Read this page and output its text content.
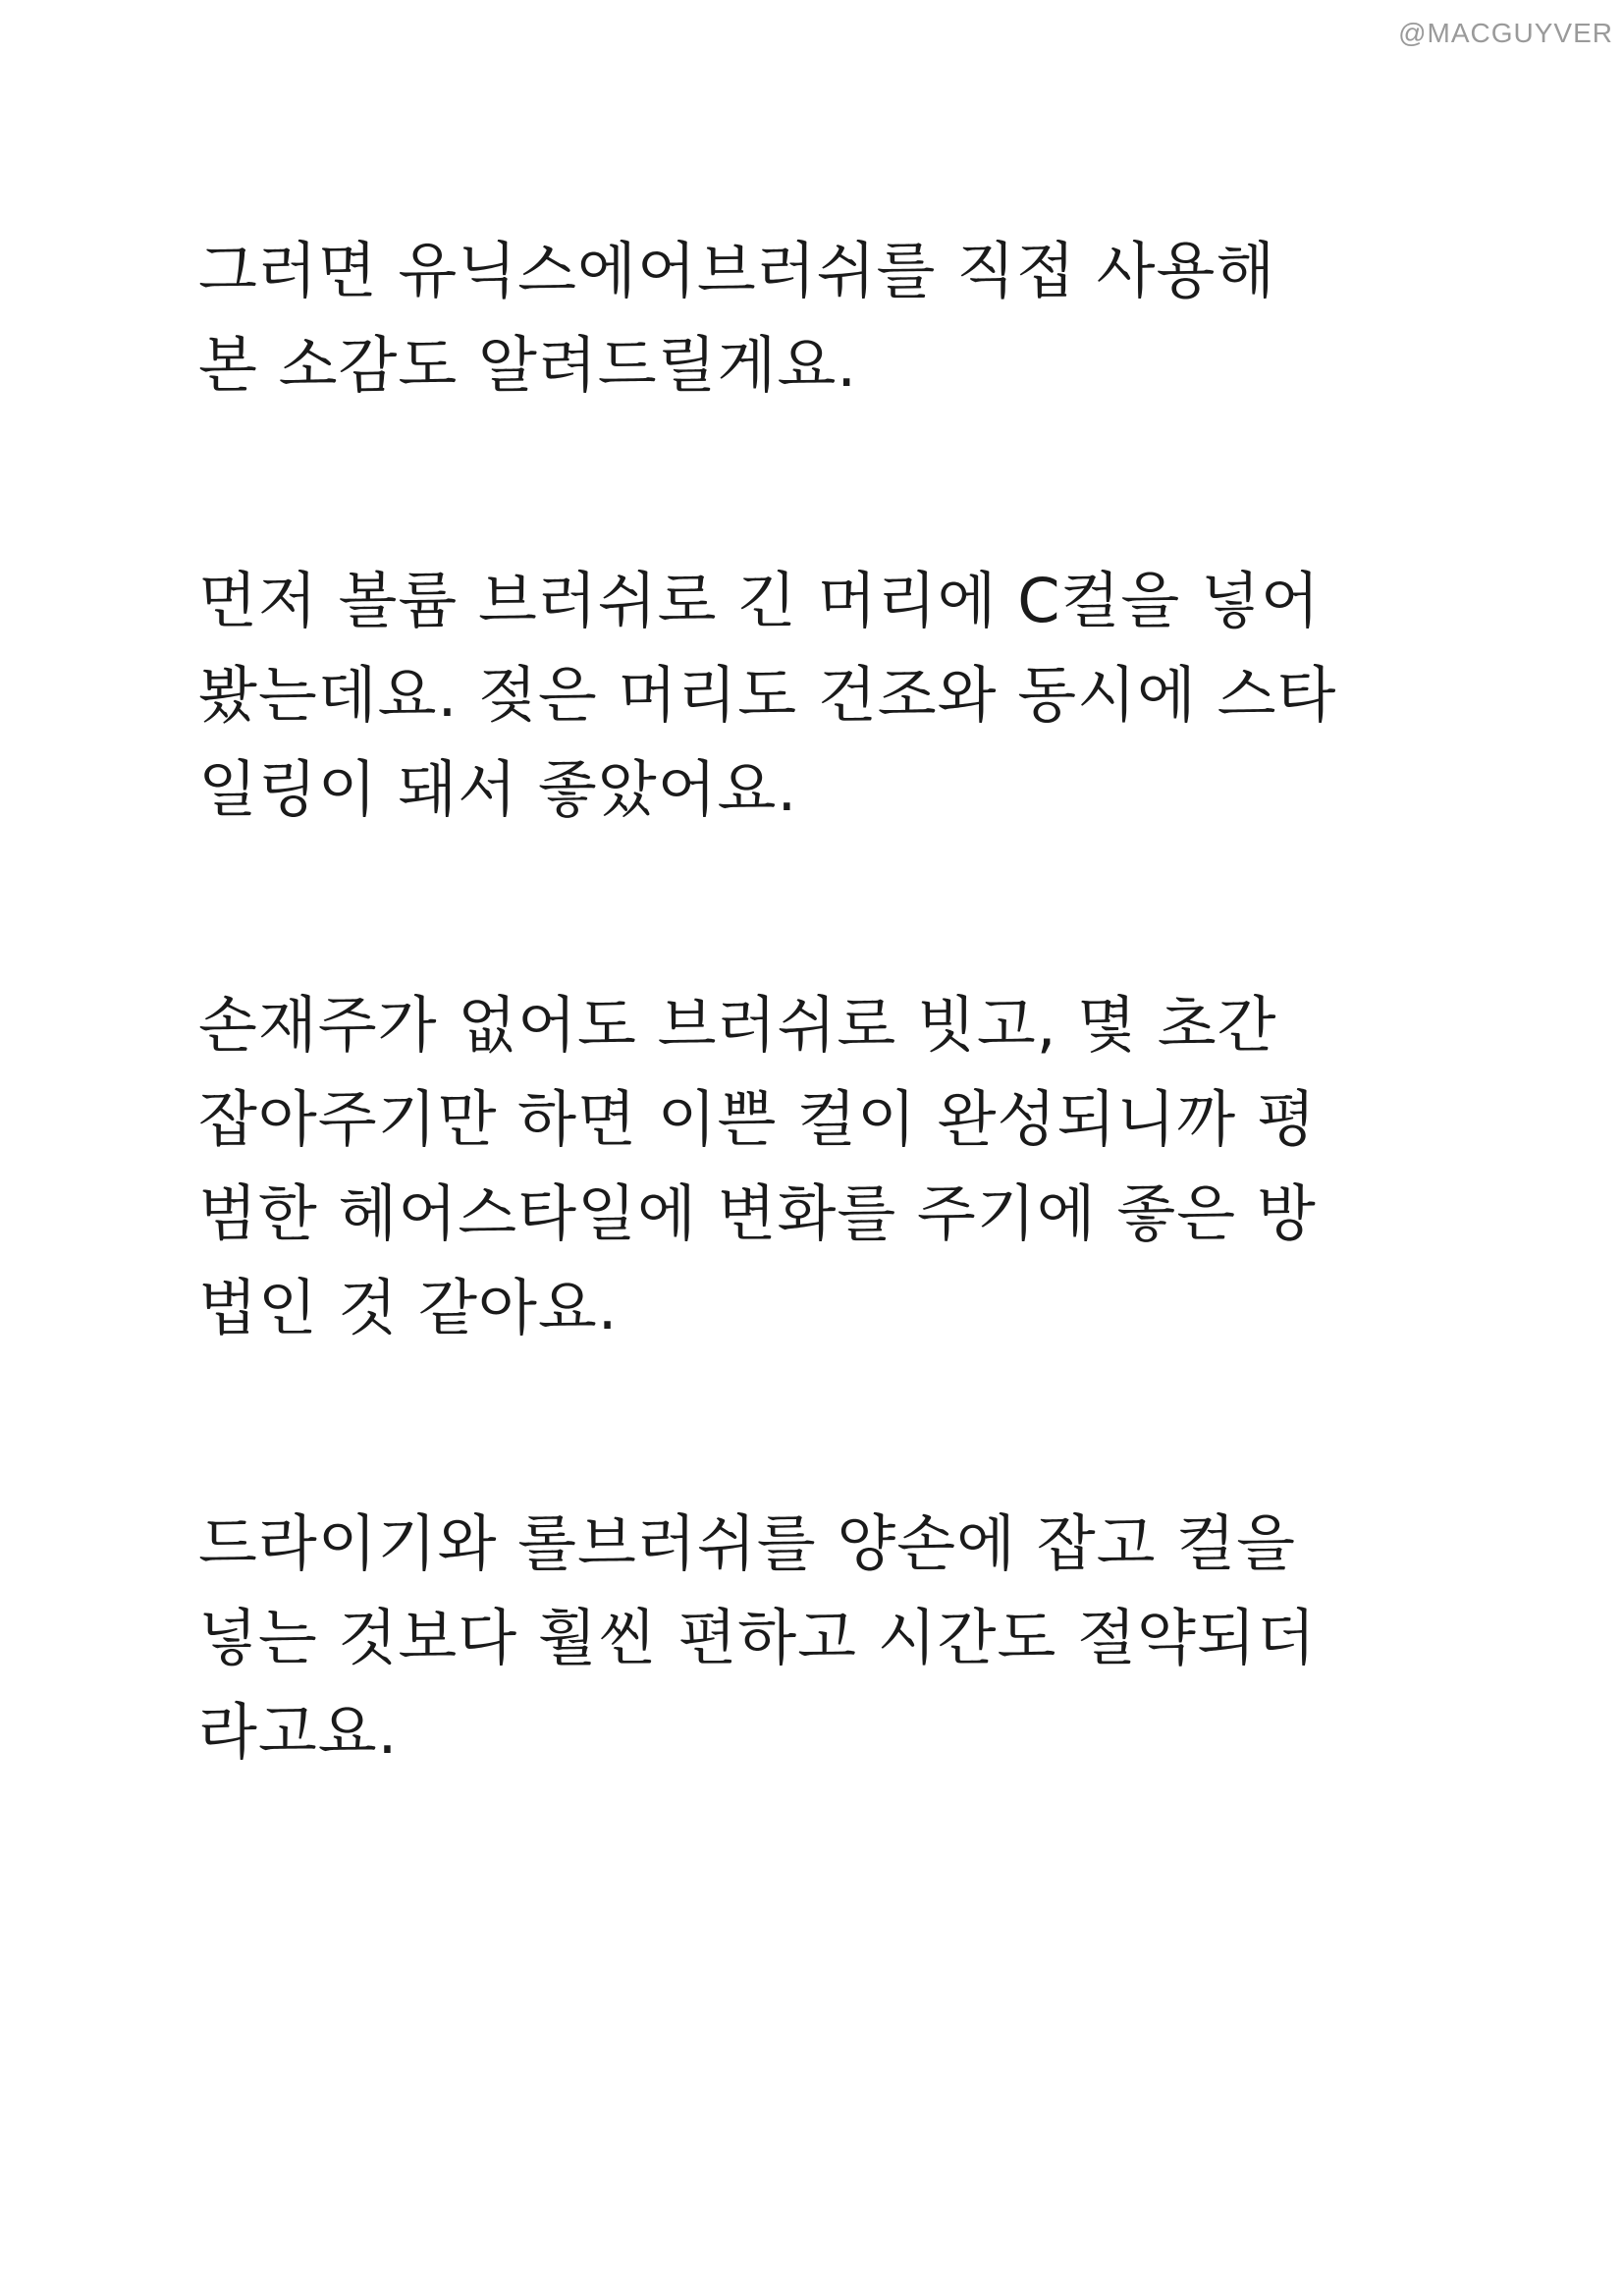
@MACGUYVER
그러면 유닉스에어브러쉬를 직접 사용해
본 소감도 알려드릴게요.
먼저 볼륨 브러쉬로 긴 머리에 C컬을 넣어
봤는데요. 젖은 머리도 건조와 동시에 스타
일링이 돼서 좋았어요.
손재주가 없어도 브러쉬로 빗고, 몇 초간
잡아주기만 하면 이쁜 컬이 완성되니까 평
범한 헤어스타일에 변화를 주기에 좋은 방
법인 것 같아요.
드라이기와 롤브러쉬를 양손에 잡고 컬을
넣는 것보다 훨씬 편하고 시간도 절약되더
라고요.
